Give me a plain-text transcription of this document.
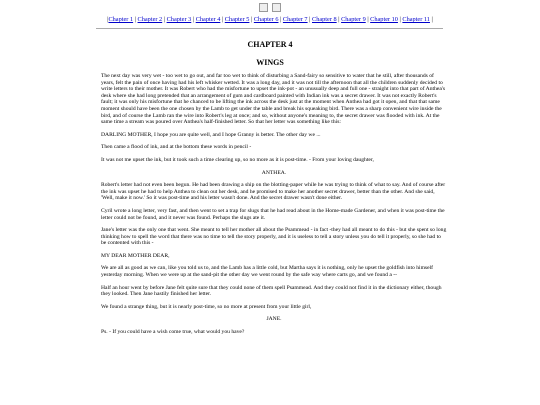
|Chapter 1 | Chapter 2 | Chapter 3 | Chapter 4 | Chapter 5 | Chapter 6 | Chapter 7 | Chapter 8 | Chapter 9 | Chapter 10 | Chapter 11 |
CHAPTER 4
WINGS

The next day was very wet - too wet to go out, and far too wet to think of disturbing a Sand-fairy so sensitive to water that he still, after thousands of years, felt the pain of once having had his left whisker wetted. It was a long day, and it was not till the afternoon that all the children suddenly decided to write letters to their mother. It was Robert who had the misfortune to upset the ink-pot - an unusually deep and full one - straight into that part of Anthea's desk where she had long pretended that an arrangement of gum and cardboard painted with Indian ink was a secret drawer. It was not exactly Robert's fault; it was only his misfortune that he chanced to be lifting the ink across the desk just at the moment when Anthea had got it open, and that that same moment should have been the one chosen by the Lamb to get under the table and break his squeaking bird. There was a sharp convenient wire inside the bird, and of course the Lamb ran the wire into Robert's leg at once; and so, without anyone's meaning to, the secret drawer was flooded with ink. At the same time a stream was poured over Anthea's half-finished letter. So that her letter was something like this:

DARLING MOTHER, I hope you are quite well, and I hope Granny is better. The other day we ...

Then came a flood of ink, and at the bottom these words in pencil -

It was not me upset the ink, but it took such a time clearing up, so no more as it is post-time. - From your loving daughter,

ANTHEA.

Robert's letter had not even been begun. He had been drawing a ship on the blotting-paper while he was trying to think of what to say. And of course after the ink was upset he had to help Anthea to clean out her desk, and he promised to make her another secret drawer, better than the other. And she said, 'Well, make it now.' So it was post-time and his letter wasn't done. And the secret drawer wasn't done either.

Cyril wrote a long letter, very fast, and then went to set a trap for slugs that he had read about in the Home-made Gardener, and when it was post-time the letter could not be found, and it never was found. Perhaps the slugs ate it.

Jane's letter was the only one that went. She meant to tell her mother all about the Psammead - in fact -they had all meant to do this - but she spent so long thinking how to spell the word that there was no time to tell the story properly, and it is useless to tell a story unless you do tell it properly, so she had to be contented with this -

MY DEAR MOTHER DEAR,

We are all as good as we can, like you told us to, and the Lamb has a little cold, but Martha says it is nothing, only he upset the goldfish into himself yesterday morning. When we were up at the sand-pit the other day we went round by the safe way where carts go, and we found a --

Half an hour went by before Jane felt quite sure that they could none of them spell Psammead. And they could not find it in the dictionary either, though they looked. Then Jane hastily finished her letter.

We found a strange thing, but it is nearly post-time, so no more at present from your little girl,

JANE.

Ps. - If you could have a wish come true, what would you have?
